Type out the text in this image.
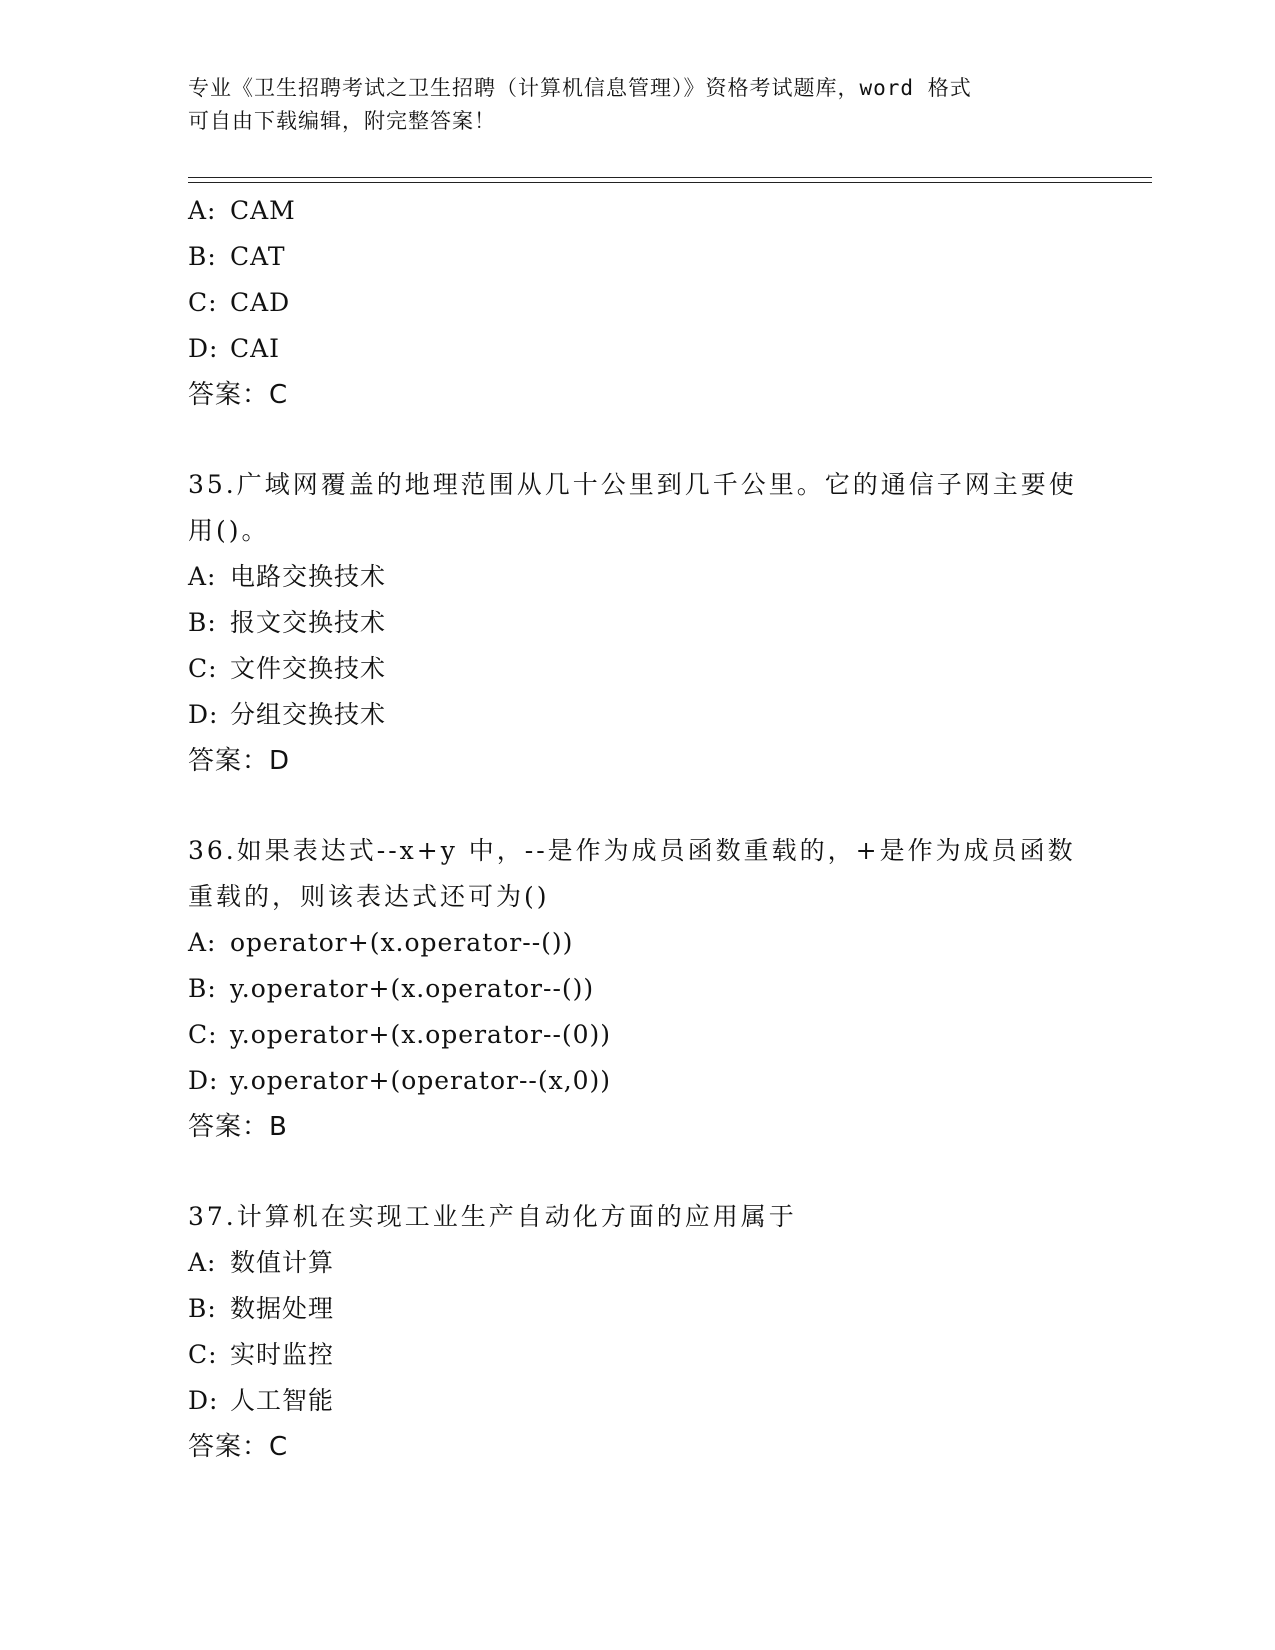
专业《卫生招聘考试之卫生招聘（计算机信息管理）》资格考试题库，word 格式
可自由下载编辑，附完整答案！
A: CAM
B: CAT
C: CAD
D: CAI
答案：C
35.广域网覆盖的地理范围从几十公里到几千公里。它的通信子网主要使用()。
A: 电路交换技术
B: 报文交换技术
C: 文件交换技术
D: 分组交换技术
答案：D
36.如果表达式--x+y 中，--是作为成员函数重载的，+是作为成员函数重载的，则该表达式还可为()
A: operator+(x.operator--())
B: y.operator+(x.operator--())
C: y.operator+(x.operator--(0))
D: y.operator+(operator--(x,0))
答案：B
37.计算机在实现工业生产自动化方面的应用属于
A: 数值计算
B: 数据处理
C: 实时监控
D: 人工智能
答案：C
